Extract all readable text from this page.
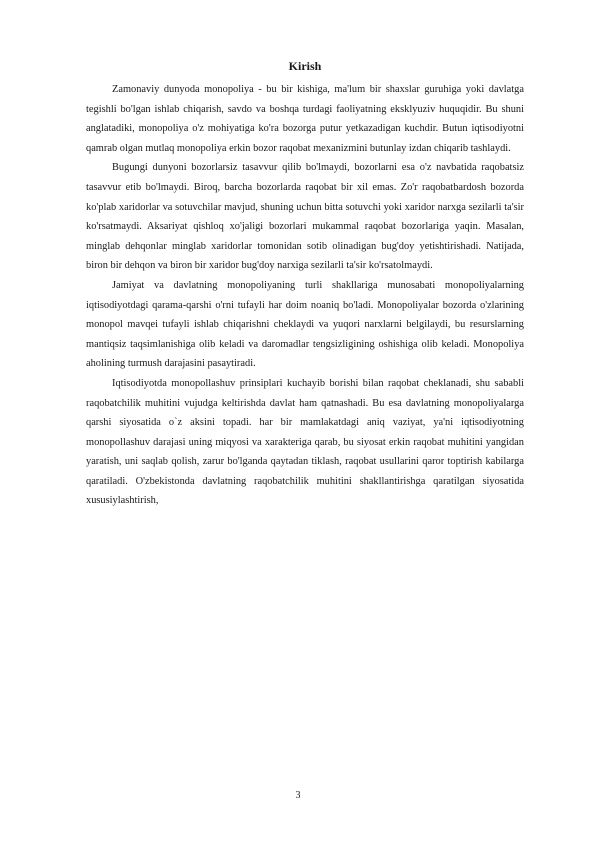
Kirish

Zamonaviy dunyoda monopoliya - bu bir kishiga, ma'lum bir shaxslar guruhiga yoki davlatga tegishli bo'lgan ishlab chiqarish, savdo va boshqa turdagi faoliyatning eksklyuziv huquqidir. Bu shuni anglatadiki, monopoliya o'z mohiyatiga ko'ra bozorga putur yetkazadigan kuchdir. Butun iqtisodiyotni qamrab olgan mutlaq monopoliya erkin bozor raqobat mexanizmini butunlay izdan chiqarib tashlaydi.

Bugungi dunyoni bozorlarsiz tasavvur qilib bo'lmaydi, bozorlarni esa o'z navbatida raqobatsiz tasavvur etib bo'lmaydi. Biroq, barcha bozorlarda raqobat bir xil emas. Zo'r raqobatbardosh bozorda ko'plab xaridorlar va sotuvchilar mavjud, shuning uchun bitta sotuvchi yoki xaridor narxga sezilarli ta'sir ko'rsatmaydi. Aksariyat qishloq xo'jaligi bozorlari mukammal raqobat bozorlariga yaqin. Masalan, minglab dehqonlar minglab xaridorlar tomonidan sotib olinadigan bug'doy yetishtirishadi. Natijada, biron bir dehqon va biron bir xaridor bug'doy narxiga sezilarli ta'sir ko'rsatolmaydi.

Jamiyat va davlatning monopoliyaning turli shakllariga munosabati monopoliyalarning iqtisodiyotdagi qarama-qarshi o'rni tufayli har doim noaniq bo'ladi. Monopoliyalar bozorda o'zlarining monopol mavqei tufayli ishlab chiqarishni cheklaydi va yuqori narxlarni belgilaydi, bu resurslarning mantiqsiz taqsimlanishiga olib keladi va daromadlar tengsizligining oshishiga olib keladi. Monopoliya aholining turmush darajasini pasaytiradi.

Iqtisodiyotda monopollashuv prinsiplari kuchayib borishi bilan raqobat cheklanadi, shu sababli raqobatchilik muhitini vujudga keltirishda davlat ham qatnashadi. Bu esa davlatning monopoliyalarga qarshi siyosatida o`z aksini topadi. har bir mamlakatdagi aniq vaziyat, ya'ni iqtisodiyotning monopollashuv darajasi uning miqyosi va xarakteriga qarab, bu siyosat erkin raqobat muhitini yangidan yaratish, uni saqlab qolish, zarur bo'lganda qaytadan tiklash, raqobat usullarini qaror toptirish kabilarga qaratiladi. O'zbekistonda davlatning raqobatchilik muhitini shakllantirishga qaratilgan siyosatida xususiylashtirish,

3
